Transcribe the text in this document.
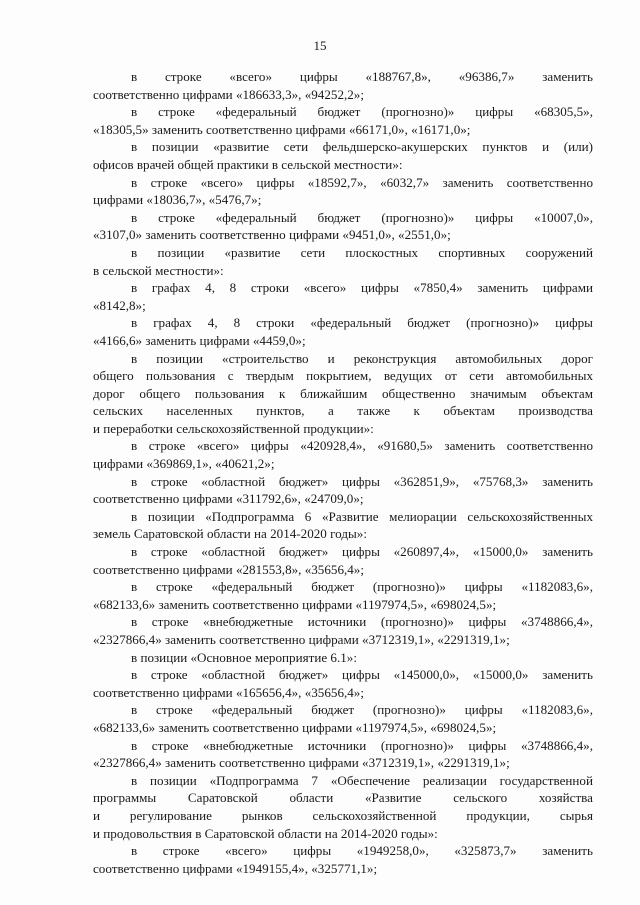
15
в строке «всего» цифры «188767,8», «96386,7» заменить
соответственно цифрами «186633,3», «94252,2»;
в строке «федеральный бюджет (прогнозно)» цифры «68305,5»,
«18305,5» заменить соответственно цифрами «66171,0», «16171,0»;
в позиции «развитие сети фельдшерско-акушерских пунктов и (или)
офисов врачей общей практики в сельской местности»:
в строке «всего» цифры «18592,7», «6032,7» заменить соответственно
цифрами «18036,7», «5476,7»;
в строке «федеральный бюджет (прогнозно)» цифры «10007,0»,
«3107,0» заменить соответственно цифрами «9451,0», «2551,0»;
в позиции «развитие сети плоскостных спортивных сооружений
в сельской местности»:
в графах 4, 8 строки «всего» цифры «7850,4» заменить цифрами
«8142,8»;
в графах 4, 8 строки «федеральный бюджет (прогнозно)» цифры
«4166,6» заменить цифрами «4459,0»;
в позиции «строительство и реконструкция автомобильных дорог
общего пользования с твердым покрытием, ведущих от сети автомобильных
дорог общего пользования к ближайшим общественно значимым объектам
сельских населенных пунктов, а также к объектам производства
и переработки сельскохозяйственной продукции»:
в строке «всего» цифры «420928,4», «91680,5» заменить соответственно
цифрами «369869,1», «40621,2»;
в строке «областной бюджет» цифры «362851,9», «75768,3» заменить
соответственно цифрами «311792,6», «24709,0»;
в позиции «Подпрограмма 6 «Развитие мелиорации сельскохозяйственных
земель Саратовской области на 2014-2020 годы»:
в строке «областной бюджет» цифры «260897,4», «15000,0» заменить
соответственно цифрами «281553,8», «35656,4»;
в строке «федеральный бюджет (прогнозно)» цифры «1182083,6»,
«682133,6» заменить соответственно цифрами «1197974,5», «698024,5»;
в строке «внебюджетные источники (прогнозно)» цифры «3748866,4»,
«2327866,4» заменить соответственно цифрами «3712319,1», «2291319,1»;
в позиции «Основное мероприятие 6.1»:
в строке «областной бюджет» цифры «145000,0», «15000,0» заменить
соответственно цифрами «165656,4», «35656,4»;
в строке «федеральный бюджет (прогнозно)» цифры «1182083,6»,
«682133,6» заменить соответственно цифрами «1197974,5», «698024,5»;
в строке «внебюджетные источники (прогнозно)» цифры «3748866,4»,
«2327866,4» заменить соответственно цифрами «3712319,1», «2291319,1»;
в позиции «Подпрограмма 7 «Обеспечение реализации государственной
программы Саратовской области «Развитие сельского хозяйства
и регулирование рынков сельскохозяйственной продукции, сырья
и продовольствия в Саратовской области на 2014-2020 годы»:
в строке «всего» цифры «1949258,0», «325873,7» заменить
соответственно цифрами «1949155,4», «325771,1»;
